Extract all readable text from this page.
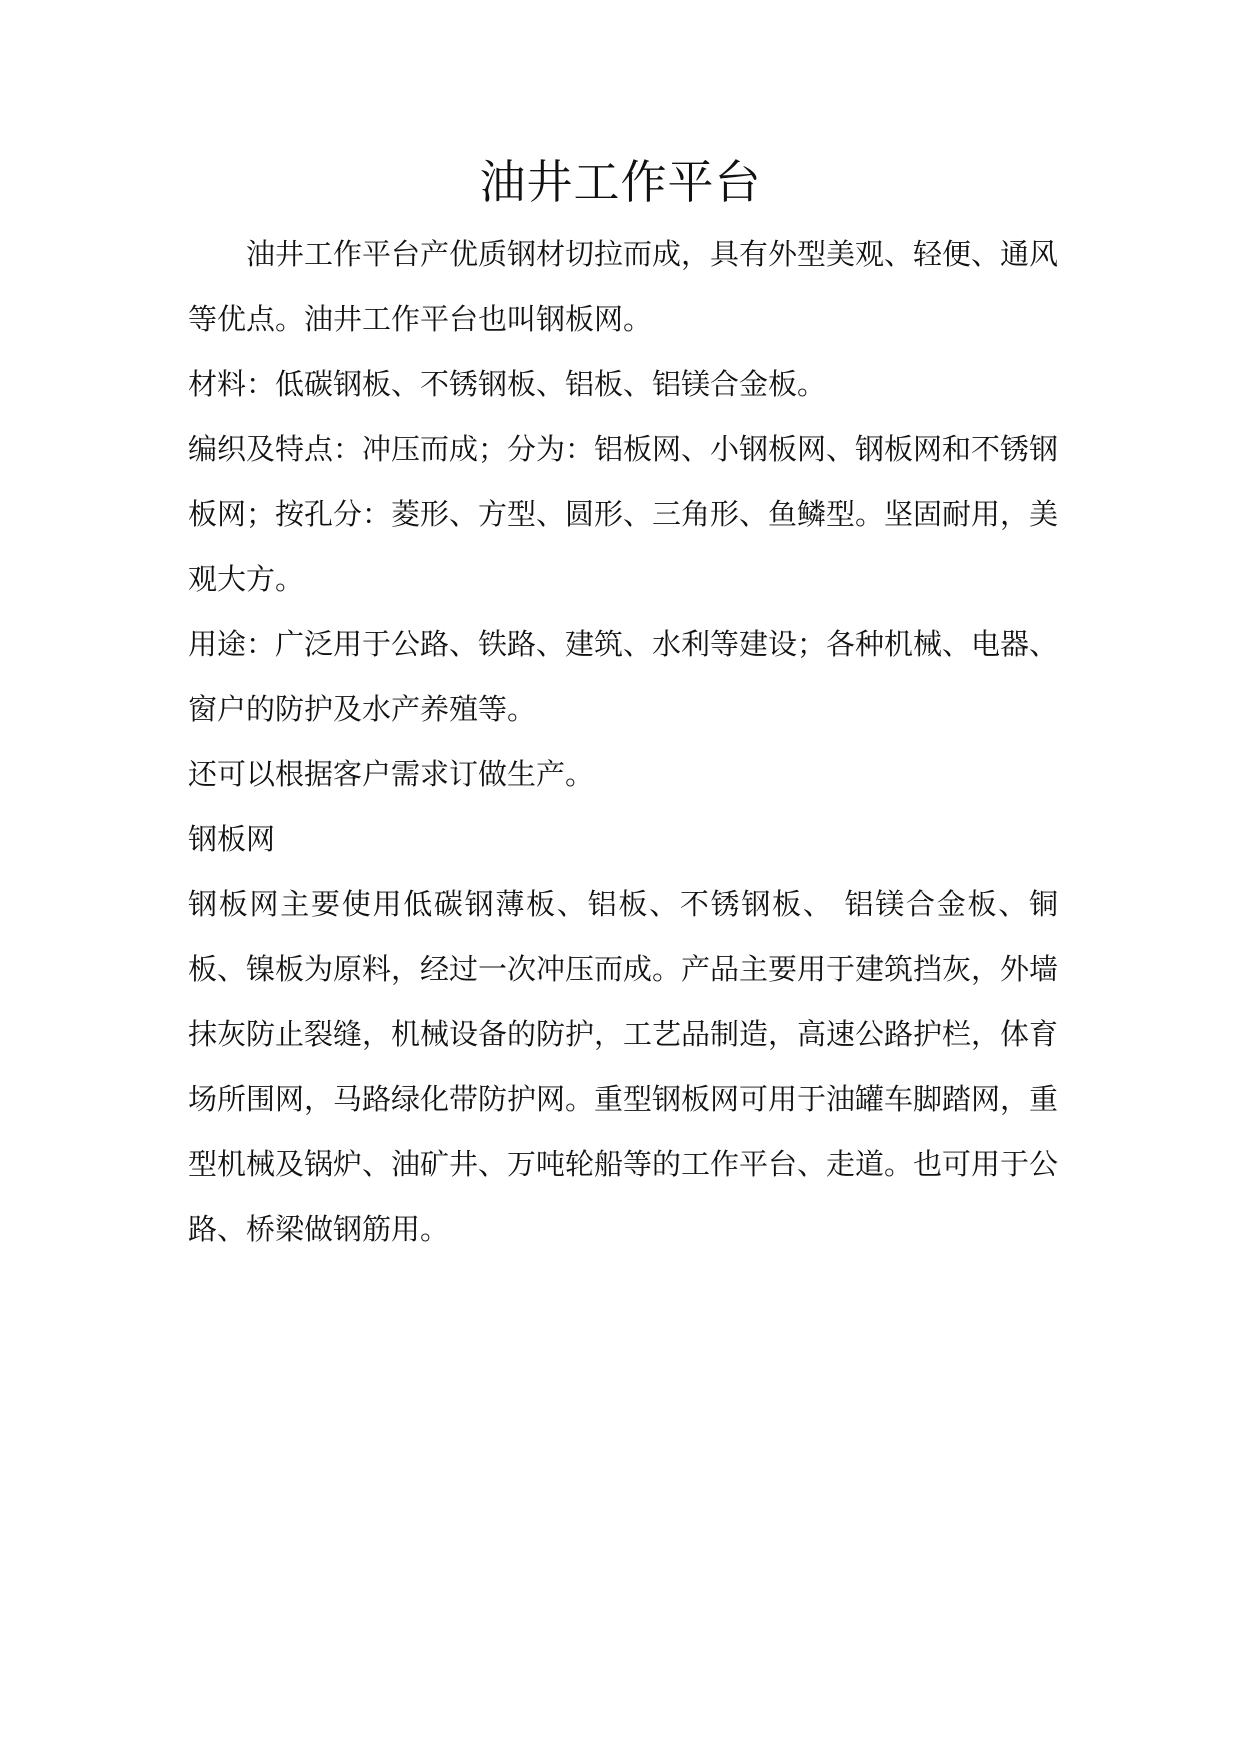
油井工作平台

油井工作平台产优质钢材切拉而成，具有外型美观、轻便、通风等优点。油井工作平台也叫钢板网。

材料：低碳钢板、不锈钢板、铝板、铝镁合金板。

编织及特点：冲压而成；分为：铝板网、小钢板网、钢板网和不锈钢板网；按孔分：菱形、方型、圆形、三角形、鱼鳞型。坚固耐用，美观大方。

用途：广泛用于公路、铁路、建筑、水利等建设；各种机械、电器、窗户的防护及水产养殖等。

还可以根据客户需求订做生产。

钢板网

钢板网主要使用低碳钢薄板、铝板、不锈钢板、 铝镁合金板、铜板、镍板为原料，经过一次冲压而成。产品主要用于建筑挡灰，外墙抹灰防止裂缝，机械设备的防护，工艺品制造，高速公路护栏，体育场所围网，马路绿化带防护网。重型钢板网可用于油罐车脚踏网，重型机械及锅炉、油矿井、万吨轮船等的工作平台、走道。也可用于公路、桥梁做钢筋用。
